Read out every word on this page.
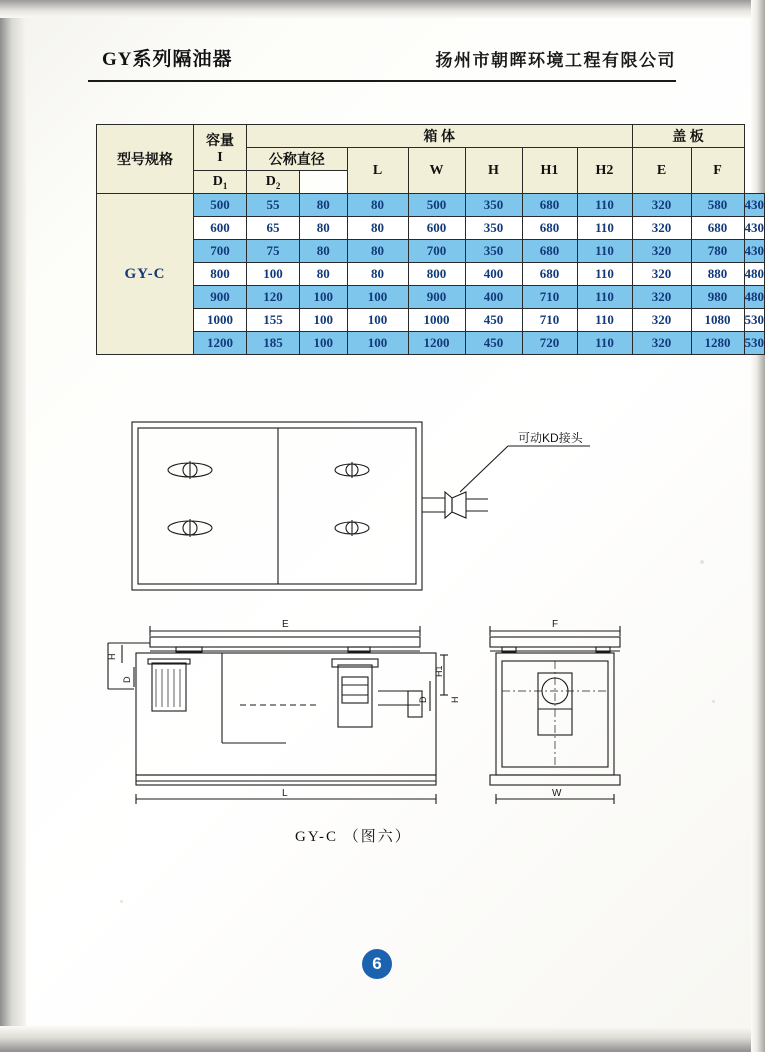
GY系列隔油器	扬州市朝晖环境工程有限公司
型号规格	容量
I	箱 体							盖 板		
		公称直径		L	W	H	H1	H2	E	F	
	$D_1$	$D_2$
GY-C	500	55	80	80	500	350	680	110	320	580	430
	600	65	80	80	600	350	680	110	320	680	430
	700	75	80	80	700	350	680	110	320	780	430
	800	100	80	80	800	400	680	110	320	880	480
	900	120	100	100	900	400	710	110	320	980	480
	1000	155	100	100	1000	450	710	110	320	1080	530
	1200	185	100	100	1200	450	720	110	320	1280	530
可动KD接头
E
H
D
H1
D H
L
F
W
GY-C （图六）
6
